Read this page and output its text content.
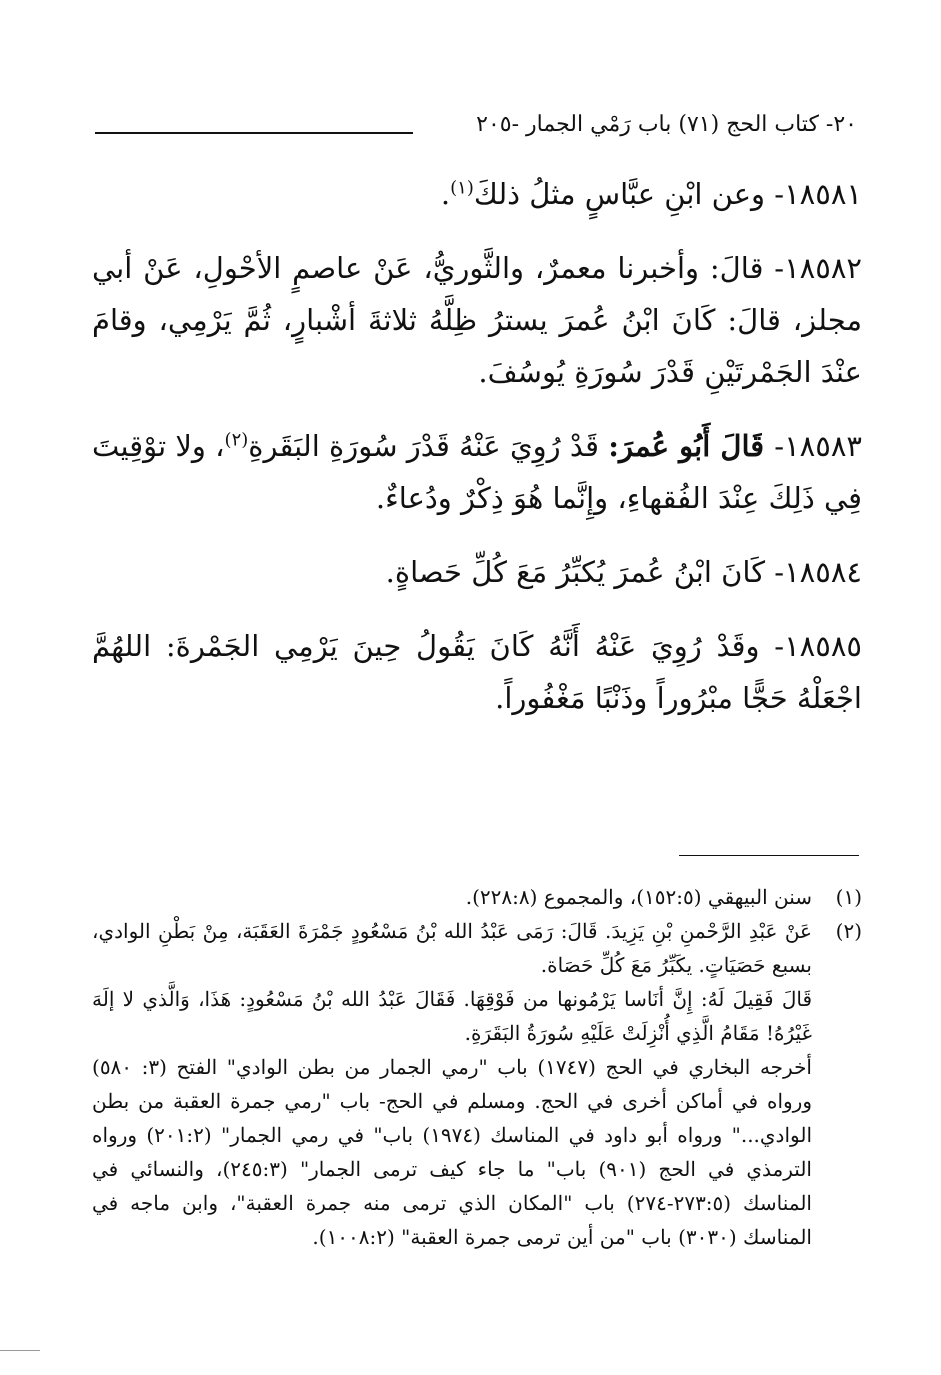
٢٠- كتاب الحج (٧١) باب رَمْي الجمار -٢٠٥

١٨٥٨١- وعن ابْنِ عبَّاسٍ مثلُ ذلكَ$^{(١)}$.

١٨٥٨٢- قالَ: وأخبرنا معمرٌ، والثَّوريُّ، عَنْ عاصمٍ الأحْولِ، عَنْ أبي مجلز، قالَ: كَانَ ابْنُ عُمرَ يسترُ ظِلَّهُ ثلاثةَ أشْبارٍ، ثُمَّ يَرْمِي، وقامَ عنْدَ الجَمْرتَيْنِ قَدْرَ سُورَةِ يُوسُفَ.

١٨٥٨٣- قَالَ أَبُو عُمرَ: قَدْ رُوِيَ عَنْهُ قَدْرَ سُورَةِ البَقَرةِ$^{(٢)}$، ولا توْقِيتَ فِي ذَلِكَ عِنْدَ الفُقهاءِ، وإِنَّما هُوَ ذِكْرٌ ودُعاءٌ.

١٨٥٨٤- كَانَ ابْنُ عُمرَ يُكبِّرُ مَعَ كُلِّ حَصاةٍ.

١٨٥٨٥- وقَدْ رُوِيَ عَنْهُ أَنَّهُ كَانَ يَقُولُ حِينَ يَرْمِي الجَمْرةَ: اللهُمَّ اجْعَلْهُ حَجًّا مبْرُوراً وذَنْبًا مَغْفُوراً.

(١)
سنن البيهقي (١٥٢:٥)، والمجموع (٢٢٨:٨).
(٢)
عَنْ عَبْدِ الرَّحْمنِ بْنِ يَزِيدَ. قَالَ: رَمَى عَبْدُ الله بْنُ مَسْعُودٍ جَمْرَةَ العَقَبَة، مِنْ بَطْنِ الوادي، بسبع حَصَيَاتٍ. يكَبِّرُ مَعَ كُلِّ حَصَاة.
قَالَ فَقِيلَ لَهُ: إِنَّ أنَاسا يَرْمُونها من فَوْقِهَا. فَقَالَ عَبْدُ الله بْنُ مَسْعُودٍ: هَذَا، وَالَّذي لا إلَهَ غَيْرُهُ! مَقَامُ الَّذِي أُنْزِلَتْ عَلَيْهِ سُورَةُ البَقَرَةِ.
أخرجه البخاري في الحج (١٧٤٧) باب "رمي الجمار من بطن الوادي" الفتح (٣: ٥٨٠) ورواه في أماكن أخرى في الحج. ومسلم في الحج- باب "رمي جمرة العقبة من بطن الوادي..." ورواه أبو داود في المناسك (١٩٧٤) باب" في رمي الجمار" (٢٠١:٢) ورواه الترمذي في الحج (٩٠١) باب" ما جاء كيف ترمى الجمار" (٢٤٥:٣)، والنسائي في المناسك (٢٧٣:٥-٢٧٤) باب "المكان الذي ترمى منه جمرة العقبة"، وابن ماجه في المناسك (٣٠٣٠) باب "من أين ترمى جمرة العقبة" (١٠٠٨:٢).
